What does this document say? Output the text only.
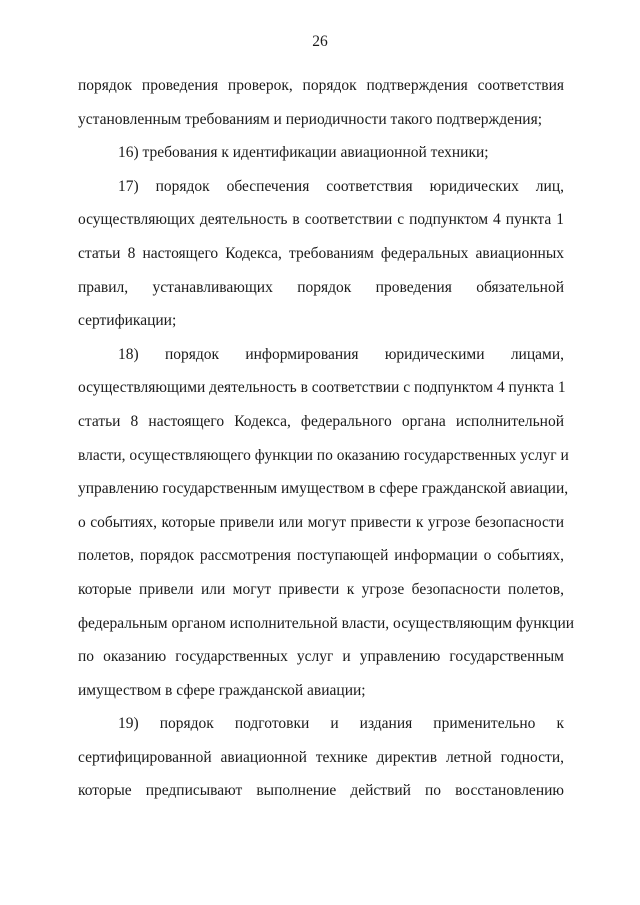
26
порядок проведения проверок, порядок подтверждения соответствия
установленным требованиям и периодичности такого подтверждения;
16) требования к идентификации авиационной техники;
17) порядок обеспечения соответствия юридических лиц,
осуществляющих деятельность в соответствии с подпунктом 4 пункта 1
статьи 8 настоящего Кодекса, требованиям федеральных авиационных
правил, устанавливающих порядок проведения обязательной
сертификации;
18) порядок информирования юридическими лицами,
осуществляющими деятельность в соответствии с подпунктом 4 пункта 1
статьи 8 настоящего Кодекса, федерального органа исполнительной
власти, осуществляющего функции по оказанию государственных услуг и
управлению государственным имуществом в сфере гражданской авиации,
о событиях, которые привели или могут привести к угрозе безопасности
полетов, порядок рассмотрения поступающей информации о событиях,
которые привели или могут привести к угрозе безопасности полетов,
федеральным органом исполнительной власти, осуществляющим функции
по оказанию государственных услуг и управлению государственным
имуществом в сфере гражданской авиации;
19) порядок подготовки и издания применительно к
сертифицированной авиационной технике директив летной годности,
которые предписывают выполнение действий по восстановлению
